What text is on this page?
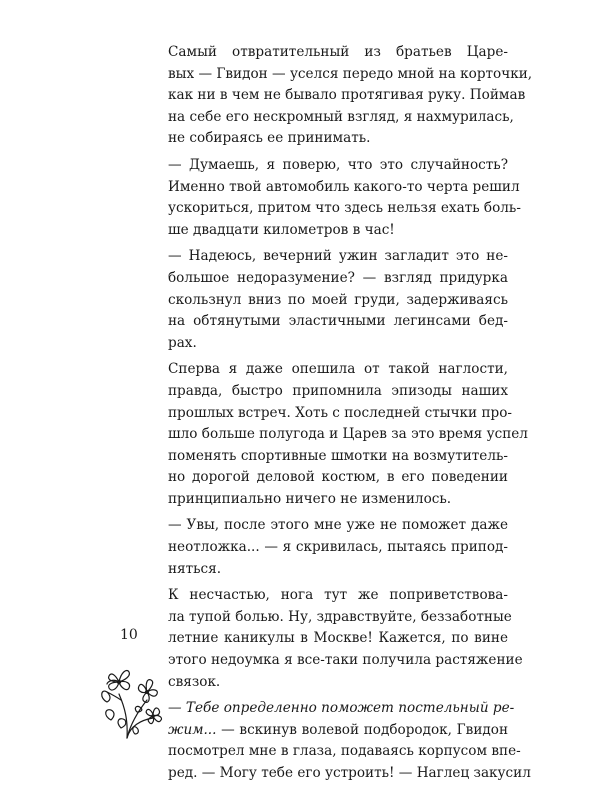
Самый отвратительный из братьев Царе-
вых — Гвидон — уселся передо мной на корточки,
как ни в чем не бывало протягивая руку. Поймав
на себе его нескромный взгляд, я нахмурилась,
не собираясь ее принимать.

— Думаешь, я поверю, что это случайность?
Именно твой автомобиль какого-то черта решил
ускориться, притом что здесь нельзя ехать боль-
ше двадцати километров в час!

— Надеюсь, вечерний ужин загладит это не-
большое недоразумение? — взгляд придурка
скользнул вниз по моей груди, задерживаясь
на обтянутыми эластичными легинсами бед-
рах.

Сперва я даже опешила от такой наглости,
правда, быстро припомнила эпизоды наших
прошлых встреч. Хоть с последней стычки про-
шло больше полугода и Царев за это время успел
поменять спортивные шмотки на возмутитель-
но дорогой деловой костюм, в его поведении
принципиально ничего не изменилось.

— Увы, после этого мне уже не поможет даже
неотложка... — я скривилась, пытаясь припод-
няться.

К несчастью, нога тут же поприветствова-
ла тупой болью. Ну, здравствуйте, беззаботные
летние каникулы в Москве! Кажется, по вине
этого недоумка я все-таки получила растяжение
связок.

— Тебе определенно поможет постельный ре-
жим... — вскинув волевой подбородок, Гвидон
посмотрел мне в глаза, подаваясь корпусом впе-
ред. — Могу тебе его устроить! — Наглец закусил

10
